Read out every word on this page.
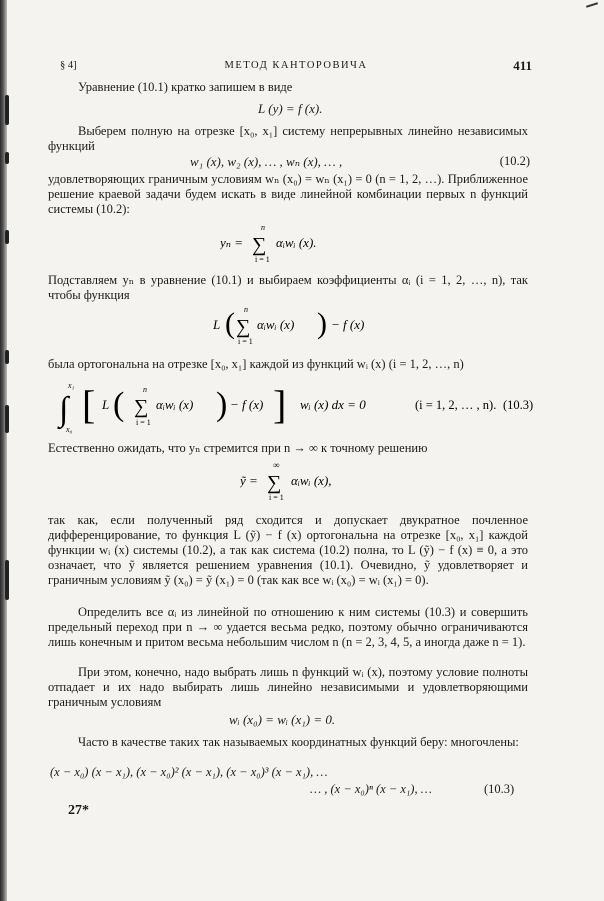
§ 4]	МЕТОД КАНТОРОВИЧА	411
Уравнение (10.1) кратко запишем в виде
L (y) = f (x).
Выберем полную на отрезке [x₀, x₁] систему непрерывных линейно независимых функций
w₁ (x), w₂ (x), … , wₙ (x), … ,	(10.2)
удовлетворяющих граничным условиям wₙ (x₀) = wₙ (x₁) = 0 (n = 1, 2, …). Приближенное решение краевой задачи будем искать в виде линейной комбинации первых n функций системы (10.2):
yₙ =
n
∑
i = 1
αᵢwᵢ (x).
Подставляем yₙ в уравнение (10.1) и выбираем коэффициенты αᵢ (i = 1, 2, …, n), так чтобы функция
L ( n
∑
i = 1
αᵢwᵢ (x) ) − f (x)
была ортогональна на отрезке [x₀, x₁] каждой из функций wᵢ (x) (i = 1, 2, …, n)
x₁
∫
x₀
[ L ( n
∑
i = 1
αᵢwᵢ (x) ) − f (x) ] wᵢ (x) dx = 0	(i = 1, 2, … , n). (10.3)
Естественно ожидать, что yₙ стремится при n → ∞ к точному решению
ỹ =
∞
∑
i = 1
αᵢwᵢ (x),
так как, если полученный ряд сходится и допускает двукратное почленное дифференцирование, то функция L (ỹ) − f (x) ортогональна на отрезке [x₀, x₁] каждой функции wᵢ (x) системы (10.2), а так как система (10.2) полна, то L (ỹ) − f (x) ≡ 0, а это означает, что ỹ является решением уравнения (10.1). Очевидно, ỹ удовлетворяет и граничным условиям ỹ (x₀) = ỹ (x₁) = 0 (так как все wᵢ (x₀) = wᵢ (x₁) = 0).
Определить все αᵢ из линейной по отношению к ним системы (10.3) и совершить предельный переход при n → ∞ удается весьма редко, поэтому обычно ограничиваются лишь конечным и притом весьма небольшим числом n (n = 2, 3, 4, 5, а иногда даже n = 1).
При этом, конечно, надо выбрать лишь n функций wᵢ (x), поэтому условие полноты отпадает и их надо выбирать лишь линейно независимыми и удовлетворяющими граничным условиям
wᵢ (x₀) = wᵢ (x₁) = 0.
Часто в качестве таких так называемых координатных функций беру: многочлены:
(x − x₀) (x − x₁), (x − x₀)² (x − x₁), (x − x₀)³ (x − x₁), …
… , (x − x₀)ⁿ (x − x₁), …	(10.3)
27*
